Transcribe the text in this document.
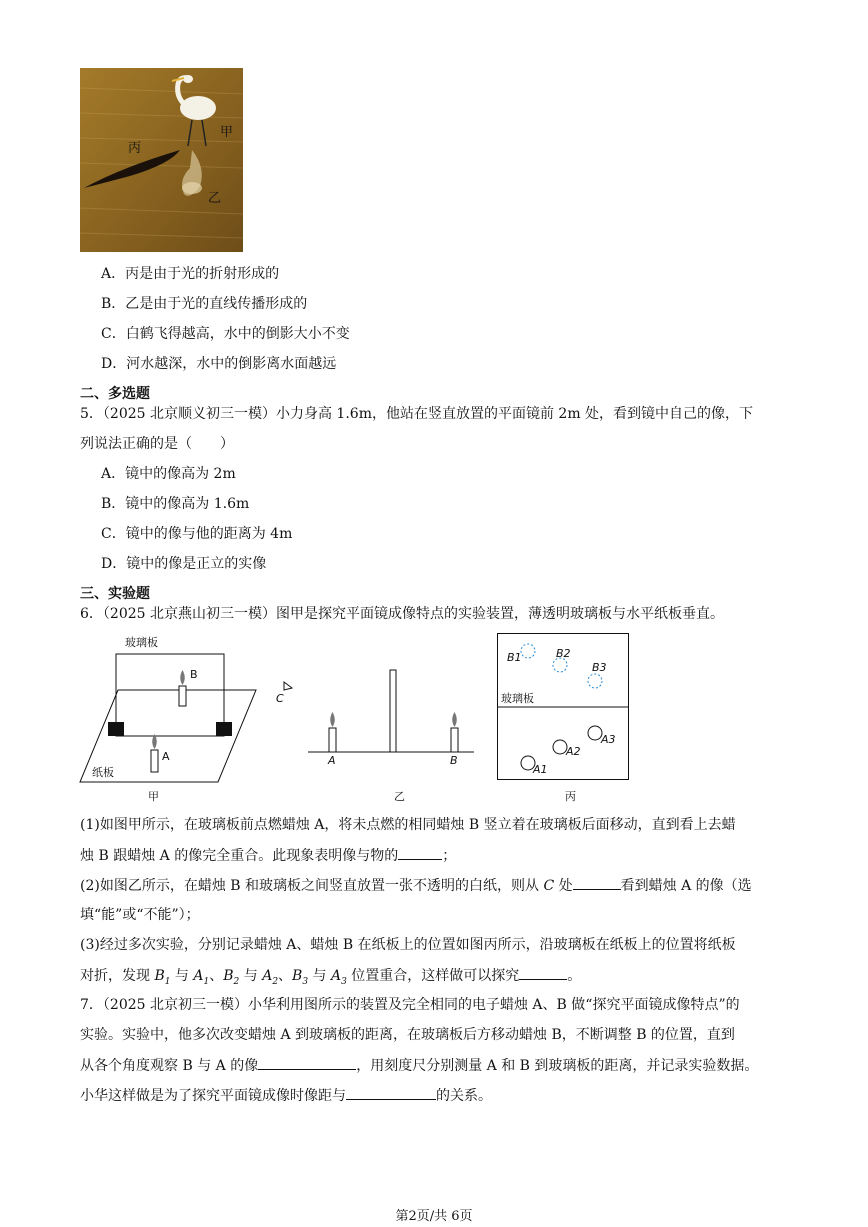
丙
甲
乙
A．丙是由于光的折射形成的
B．乙是由于光的直线传播形成的
C．白鹤飞得越高，水中的倒影大小不变
D．河水越深，水中的倒影离水面越远
二、多选题
5．（2025 北京顺义初三一模）小力身高 1.6m，他站在竖直放置的平面镜前 2m 处，看到镜中自己的像，下
列说法正确的是（　　）
A．镜中的像高为 2m
B．镜中的像高为 1.6m
C．镜中的像与他的距离为 4m
D．镜中的像是正立的实像
三、实验题
6．（2025 北京燕山初三一模）图甲是探究平面镜成像特点的实验装置，薄透明玻璃板与水平纸板垂直。
玻璃板
B
A
纸板
甲
C
A	B
乙
B1	B2
B3
玻璃板
A1
A2
A3
丙
(1)如图甲所示，在玻璃板前点燃蜡烛 A，将未点燃的相同蜡烛 B 竖立着在玻璃板后面移动，直到看上去蜡
烛 B 跟蜡烛 A 的像完全重合。此现象表明像与物的	；
(2)如图乙所示，在蜡烛 B 和玻璃板之间竖直放置一张不透明的白纸，则从 C 处	看到蜡烛 A 的像（选
填“能”或“不能”）；
(3)经过多次实验，分别记录蜡烛 A、蜡烛 B 在纸板上的位置如图丙所示，沿玻璃板在纸板上的位置将纸板
对折，发现 $B_1$ 与 $A_1$、$B_2$ 与 $A_2$、$B_3$ 与 $A_3$ 位置重合，这样做可以探究	。
7．（2025 北京初三一模）小华利用图所示的装置及完全相同的电子蜡烛 A、B 做“探究平面镜成像特点”的
实验。实验中，他多次改变蜡烛 A 到玻璃板的距离，在玻璃板后方移动蜡烛 B，不断调整 B 的位置，直到
从各个角度观察 B 与 A 的像	，用刻度尺分别测量 A 和 B 到玻璃板的距离，并记录实验数据。
小华这样做是为了探究平面镜成像时像距与	的关系。
第2页/共 6页
